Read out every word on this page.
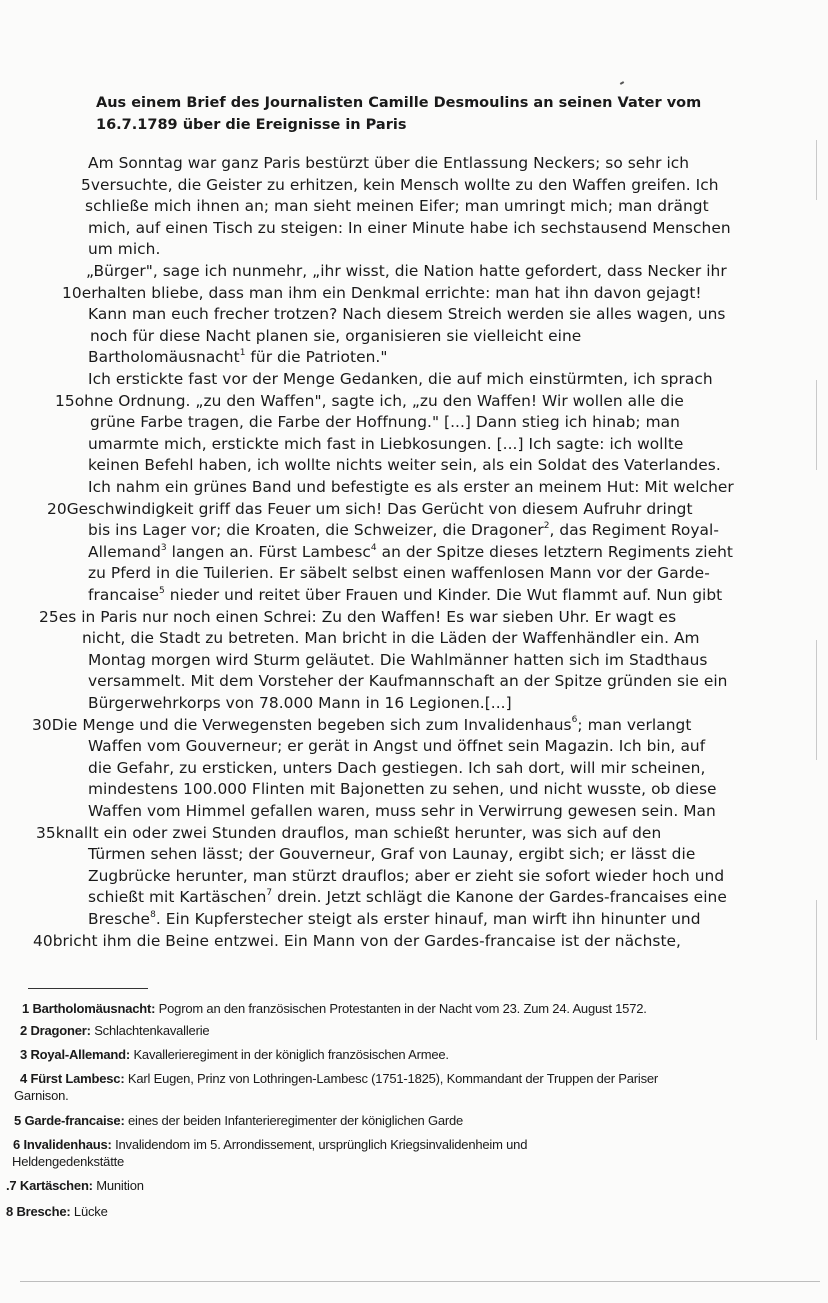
Aus einem Brief des Journalisten Camille Desmoulins an seinen Vater vom
16.7.1789 über die Ereignisse in Paris
Am Sonntag war ganz Paris bestürzt über die Entlassung Neckers; so sehr ich
5versuchte, die Geister zu erhitzen, kein Mensch wollte zu den Waffen greifen. Ich
schließe mich ihnen an; man sieht meinen Eifer; man umringt mich; man drängt
mich, auf einen Tisch zu steigen: In einer Minute habe ich sechstausend Menschen
um mich.
„Bürger", sage ich nunmehr, „ihr wisst, die Nation hatte gefordert, dass Necker ihr
10erhalten bliebe, dass man ihm ein Denkmal errichte: man hat ihn davon gejagt!
Kann man euch frecher trotzen? Nach diesem Streich werden sie alles wagen, uns
noch für diese Nacht planen sie, organisieren sie vielleicht eine
Bartholomäusnacht$^1$ für die Patrioten."
Ich erstickte fast vor der Menge Gedanken, die auf mich einstürmten, ich sprach
15ohne Ordnung. „zu den Waffen", sagte ich, „zu den Waffen! Wir wollen alle die
grüne Farbe tragen, die Farbe der Hoffnung." [...] Dann stieg ich hinab; man
umarmte mich, erstickte mich fast in Liebkosungen. [...] Ich sagte: ich wollte
keinen Befehl haben, ich wollte nichts weiter sein, als ein Soldat des Vaterlandes.
Ich nahm ein grünes Band und befestigte es als erster an meinem Hut: Mit welcher
20Geschwindigkeit griff das Feuer um sich! Das Gerücht von diesem Aufruhr dringt
bis ins Lager vor; die Kroaten, die Schweizer, die Dragoner$^2$, das Regiment Royal-
Allemand$^3$ langen an. Fürst Lambesc$^4$ an der Spitze dieses letztern Regiments zieht
zu Pferd in die Tuilerien. Er säbelt selbst einen waffenlosen Mann vor der Garde-
francaise$^5$ nieder und reitet über Frauen und Kinder. Die Wut flammt auf. Nun gibt
25es in Paris nur noch einen Schrei: Zu den Waffen! Es war sieben Uhr. Er wagt es
nicht, die Stadt zu betreten. Man bricht in die Läden der Waffenhändler ein. Am
Montag morgen wird Sturm geläutet. Die Wahlmänner hatten sich im Stadthaus
versammelt. Mit dem Vorsteher der Kaufmannschaft an der Spitze gründen sie ein
Bürgerwehrkorps von 78.000 Mann in 16 Legionen.[...]
30Die Menge und die Verwegensten begeben sich zum Invalidenhaus$^6$; man verlangt
Waffen vom Gouverneur; er gerät in Angst und öffnet sein Magazin. Ich bin, auf
die Gefahr, zu ersticken, unters Dach gestiegen. Ich sah dort, will mir scheinen,
mindestens 100.000 Flinten mit Bajonetten zu sehen, und nicht wusste, ob diese
Waffen vom Himmel gefallen waren, muss sehr in Verwirrung gewesen sein. Man
35knallt ein oder zwei Stunden drauflos, man schießt herunter, was sich auf den
Türmen sehen lässt; der Gouverneur, Graf von Launay, ergibt sich; er lässt die
Zugbrücke herunter, man stürzt drauflos; aber er zieht sie sofort wieder hoch und
schießt mit Kartäschen$^7$ drein. Jetzt schlägt die Kanone der Gardes-francaises eine
Bresche$^8$. Ein Kupferstecher steigt als erster hinauf, man wirft ihn hinunter und
40bricht ihm die Beine entzwei. Ein Mann von der Gardes-francaise ist der nächste,
1 Bartholomäusnacht: Pogrom an den französischen Protestanten in der Nacht vom 23. Zum 24. August 1572.
2 Dragoner: Schlachtenkavallerie
3 Royal-Allemand: Kavallerieregiment in der königlich französischen Armee.
4 Fürst Lambesc: Karl Eugen, Prinz von Lothringen-Lambesc (1751-1825), Kommandant der Truppen der Pariser
Garnison.
5 Garde-francaise: eines der beiden Infanterieregimenter der königlichen Garde
6 Invalidenhaus: Invalidendom im 5. Arrondissement, ursprünglich Kriegsinvalidenheim und
Heldengedenkstätte
.7 Kartäschen: Munition
8 Bresche: Lücke
